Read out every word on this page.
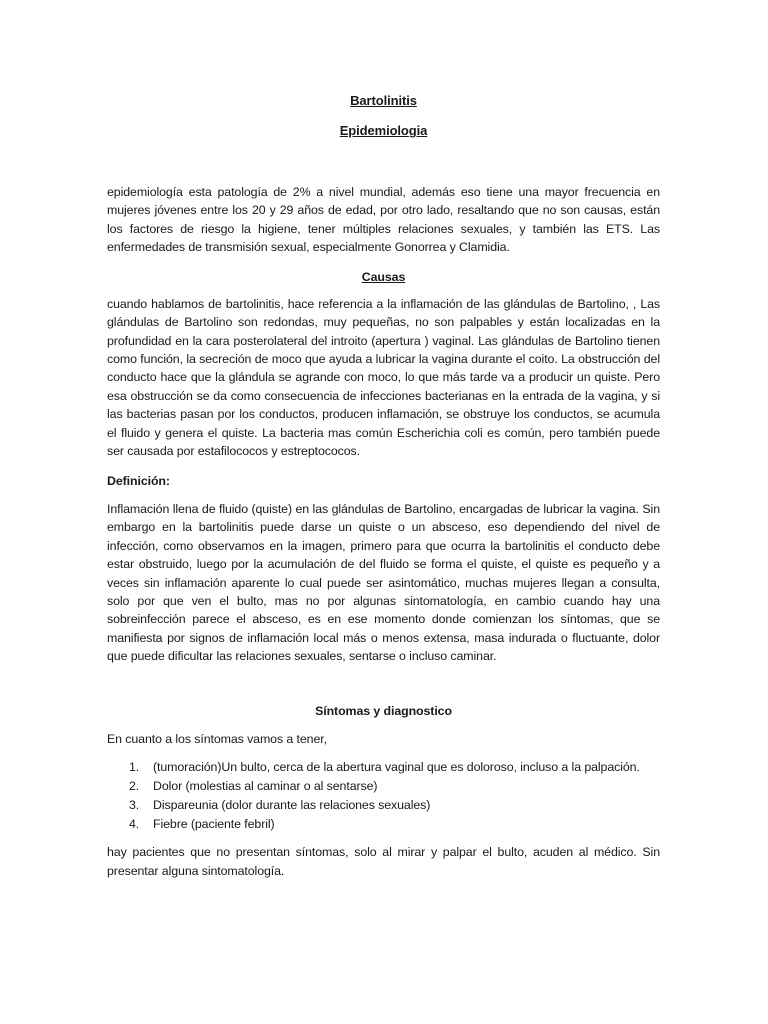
Bartolinitis
Epidemiologia

epidemiología esta patología de 2% a nivel mundial, además eso tiene una mayor frecuencia en mujeres jóvenes entre los 20 y 29 años de edad, por otro lado, resaltando que no son causas, están los factores de riesgo la higiene, tener múltiples relaciones sexuales, y también las ETS. Las enfermedades de transmisión sexual, especialmente Gonorrea y Clamidia.

Causas

cuando hablamos de bartolinitis, hace referencia a la inflamación de las glándulas de Bartolino, , Las glándulas de Bartolino son redondas, muy pequeñas, no son palpables y están localizadas en la profundidad en la cara posterolateral del introito (apertura ) vaginal. Las glándulas de Bartolino tienen como función, la secreción de moco que ayuda a lubricar la vagina durante el coito. La obstrucción del conducto hace que la glándula se agrande con moco, lo que más tarde va a producir un quiste. Pero esa obstrucción se da como consecuencia de infecciones bacterianas en la entrada de la vagina, y si las bacterias pasan por los conductos, producen inflamación, se obstruye los conductos, se acumula el fluido y genera el quiste. La bacteria mas común Escherichia coli es común, pero también puede ser causada por estafilococos y estreptococos.

Definición:

Inflamación llena de fluido (quiste) en las glándulas de Bartolino, encargadas de lubricar la vagina. Sin embargo en la bartolinitis puede darse un quiste o un absceso, eso dependiendo del nivel de infección, como observamos en la imagen, primero para que ocurra la bartolinitis el conducto debe estar obstruido, luego por la acumulación de del fluido se forma el quiste, el quiste es pequeño y a veces sin inflamación aparente lo cual puede ser asintomático, muchas mujeres llegan a consulta, solo por que ven el bulto, mas no por algunas sintomatología, en cambio cuando hay una sobreinfección parece el absceso, es en ese momento donde comienzan los síntomas, que se manifiesta por signos de inflamación local más o menos extensa, masa indurada o fluctuante, dolor que puede dificultar las relaciones sexuales, sentarse o incluso caminar.

Síntomas y diagnostico

En cuanto a los síntomas vamos a tener,

1. (tumoración)Un bulto, cerca de la abertura vaginal que es doloroso, incluso a la palpación.
2. Dolor (molestias al caminar o al sentarse)
3. Dispareunia (dolor durante las relaciones sexuales)
4. Fiebre (paciente febril)

hay pacientes que no presentan síntomas, solo al mirar y palpar el bulto, acuden al médico. Sin presentar alguna sintomatología.
